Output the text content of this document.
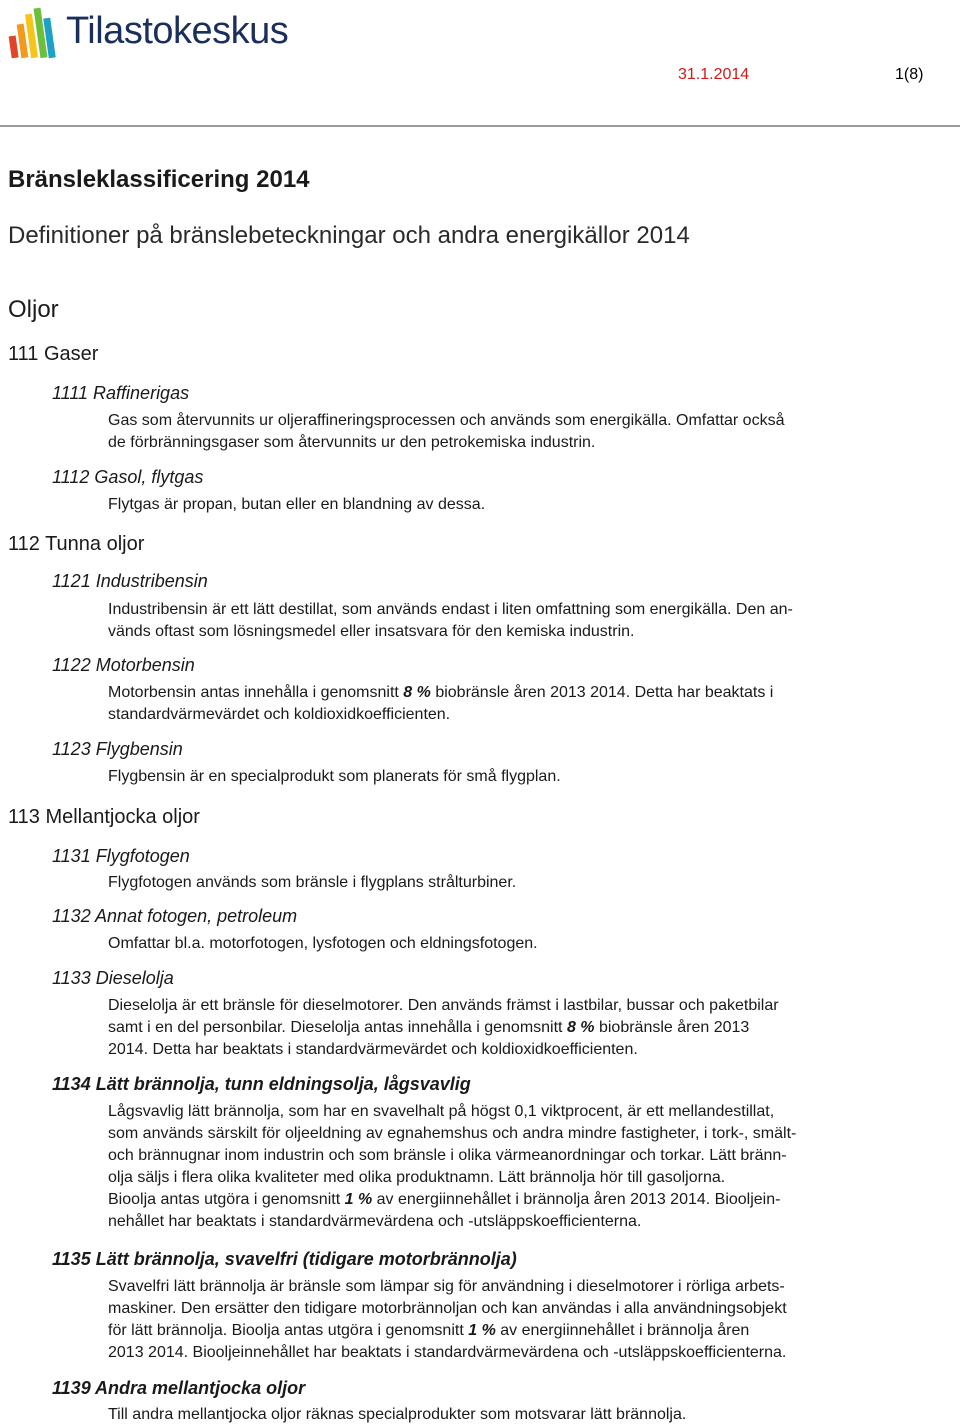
Tilastokeskus
31.1.2014	1(8)
Bränsleklassificering 2014
Definitioner på bränslebeteckningar och andra energikällor 2014
Oljor
111 Gaser
1111 Raffinerigas

Gas som återvunnits ur oljeraffineringsprocessen och används som energikälla. Omfattar också

de förbränningsgaser som återvunnits ur den petrokemiska industrin.

1112 Gasol, flytgas

Flytgas är propan, butan eller en blandning av dessa.

112 Tunna oljor
1121 Industribensin

Industribensin är ett lätt destillat, som används endast i liten omfattning som energikälla. Den an-

vänds oftast som lösningsmedel eller insatsvara för den kemiska industrin.

1122 Motorbensin

Motorbensin antas innehålla i genomsnitt 8 % biobränsle åren 2013 2014. Detta har beaktats i

standardvärmevärdet och koldioxidkoefficienten.

1123 Flygbensin

Flygbensin är en specialprodukt som planerats för små flygplan.

113 Mellantjocka oljor
1131 Flygfotogen

Flygfotogen används som bränsle i flygplans strålturbiner.

1132 Annat fotogen, petroleum

Omfattar bl.a. motorfotogen, lysfotogen och eldningsfotogen.

1133 Dieselolja

Dieselolja är ett bränsle för dieselmotorer. Den används främst i lastbilar, bussar och paketbilar

samt i en del personbilar. Dieselolja antas innehålla i genomsnitt 8 % biobränsle åren 2013

2014. Detta har beaktats i standardvärmevärdet och koldioxidkoefficienten.

1134 Lätt brännolja, tunn eldningsolja, lågsvavlig

Lågsvavlig lätt brännolja, som har en svavelhalt på högst 0,1 viktprocent, är ett mellandestillat,

som används särskilt för oljeeldning av egnahemshus och andra mindre fastigheter, i tork-, smält-

och brännugnar inom industrin och som bränsle i olika värmeanordningar och torkar. Lätt bränn-

olja säljs i flera olika kvaliteter med olika produktnamn. Lätt brännolja hör till gasoljorna.

Bioolja antas utgöra i genomsnitt 1 % av energiinnehållet i brännolja åren 2013 2014. Biooljein-

nehållet har beaktats i standardvärmevärdena och -utsläppskoefficienterna.

1135 Lätt brännolja, svavelfri (tidigare motorbrännolja)

Svavelfri lätt brännolja är bränsle som lämpar sig för användning i dieselmotorer i rörliga arbets-

maskiner. Den ersätter den tidigare motorbrännoljan och kan användas i alla användningsobjekt

för lätt brännolja. Bioolja antas utgöra i genomsnitt 1 % av energiinnehållet i brännolja åren

2013 2014. Biooljeinnehållet har beaktats i standardvärmevärdena och -utsläppskoefficienterna.

1139 Andra mellantjocka oljor

Till andra mellantjocka oljor räknas specialprodukter som motsvarar lätt brännolja.
